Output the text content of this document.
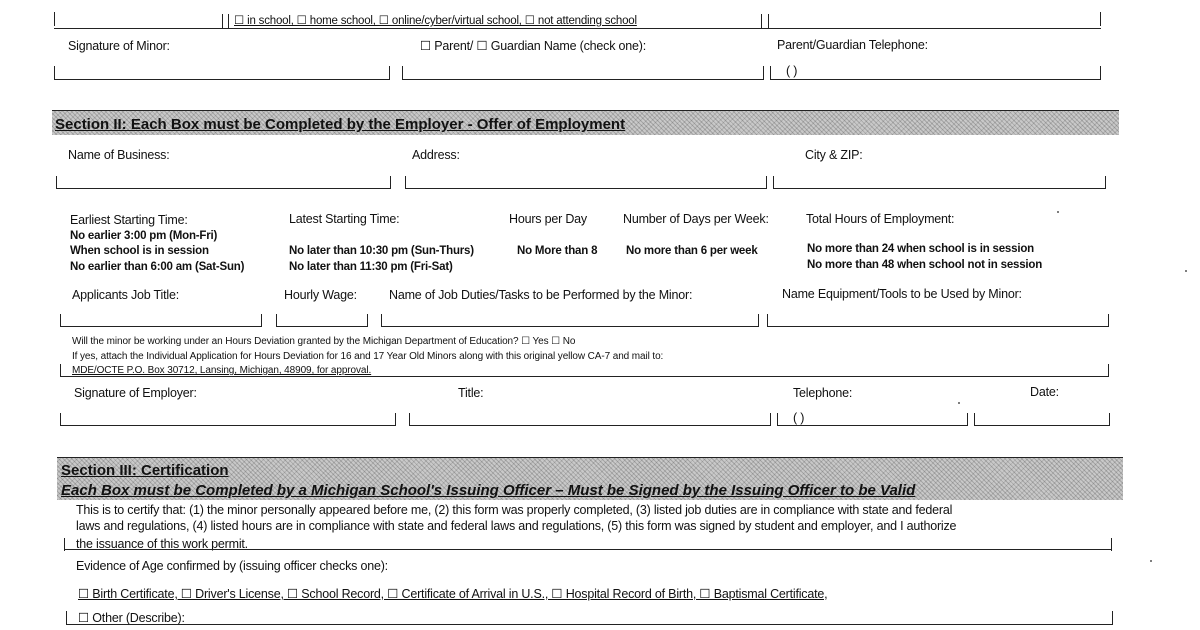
☐ in school, ☐ home school, ☐ online/cyber/virtual school, ☐ not attending school
Signature of Minor:	☐ Parent/ ☐ Guardian Name (check one):	Parent/Guardian Telephone:
( )
Section II: Each Box must be Completed by the Employer - Offer of Employment
Name of Business:	Address:	City & ZIP:
Earliest Starting Time:
No earlier 3:00 pm (Mon-Fri)
When school is in session
No earlier than 6:00 am (Sat-Sun)
Latest Starting Time:
No later than 10:30 pm (Sun-Thurs)
No later than 11:30 pm (Fri-Sat)
Hours per Day
No More than 8
Number of Days per Week:
No more than 6 per week
Total Hours of Employment:
No more than 24 when school is in session
No more than 48 when school not in session
Applicants Job Title:	Hourly Wage:	Name of Job Duties/Tasks to be Performed by the Minor:	Name Equipment/Tools to be Used by Minor:
Will the minor be working under an Hours Deviation granted by the Michigan Department of Education? ☐ Yes ☐ No
If yes, attach the Individual Application for Hours Deviation for 16 and 17 Year Old Minors along with this original yellow CA-7 and mail to:
MDE/OCTE P.O. Box 30712, Lansing, Michigan, 48909, for approval.
Signature of Employer:	Title:	Telephone:	Date:
( )
Section III: Certification
Each Box must be Completed by a Michigan School's Issuing Officer – Must be Signed by the Issuing Officer to be Valid
This is to certify that: (1) the minor personally appeared before me, (2) this form was properly completed, (3) listed job duties are in compliance with state and federal
laws and regulations, (4) listed hours are in compliance with state and federal laws and regulations, (5) this form was signed by student and employer, and I authorize
the issuance of this work permit.
Evidence of Age confirmed by (issuing officer checks one):
☐ Birth Certificate, ☐ Driver's License, ☐ School Record, ☐ Certificate of Arrival in U.S., ☐ Hospital Record of Birth, ☐ Baptismal Certificate,
☐ Other (Describe):
